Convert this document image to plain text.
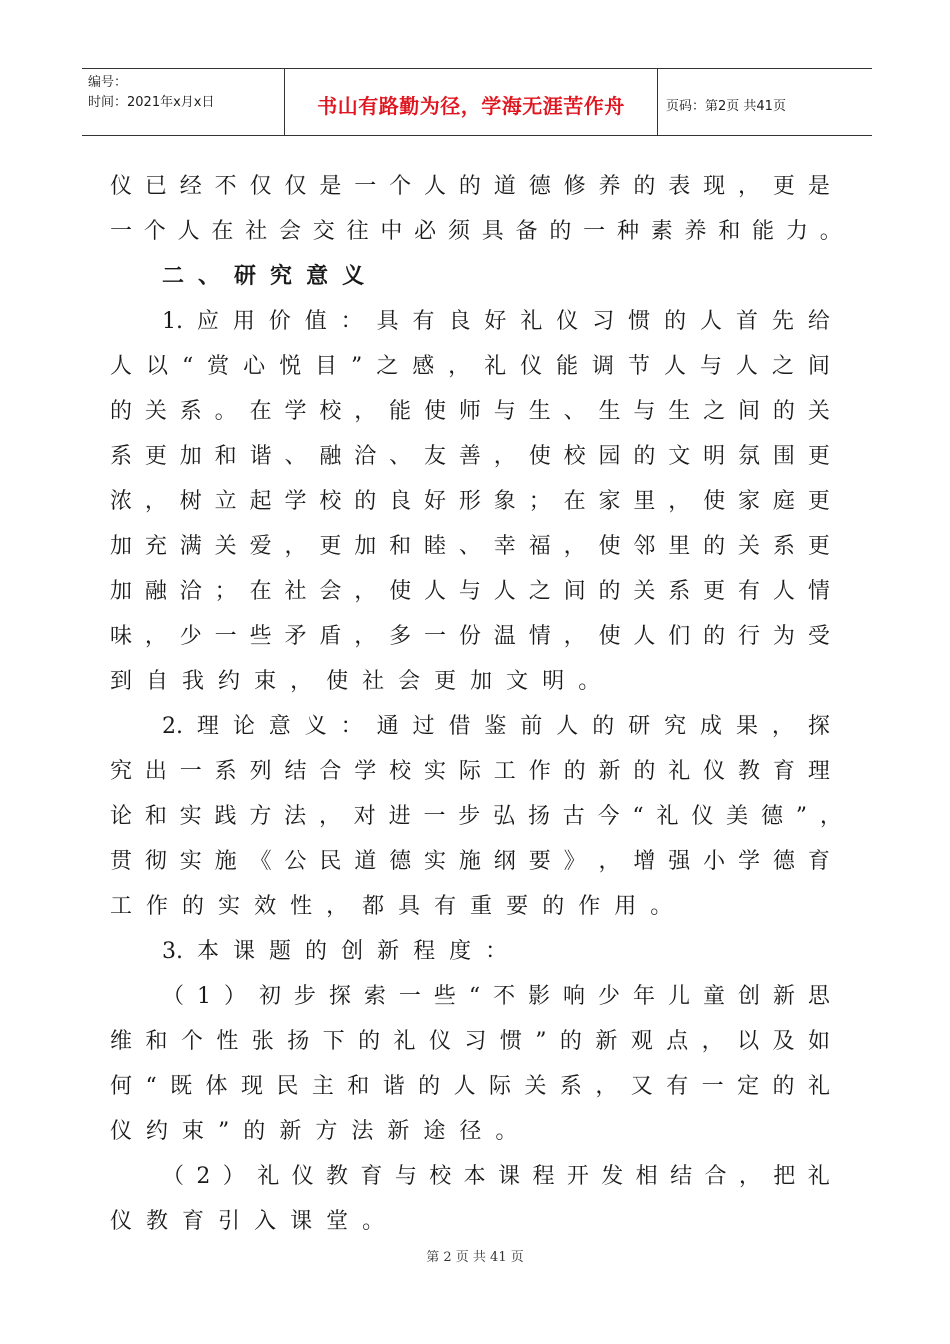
编号：
时间：2021年x月x日	书山有路勤为径，学海无涯苦作舟	页码：第2页 共41页
仪 已 经 不 仅 仅 是 一 个 人 的 道 德 修 养 的 表 现 ， 更 是
一 个 人 在 社 会 交 往 中 必 须 具 备 的 一 种 素 养 和 能 力 。
二 、 研 究 意 义
1. 应 用 价 值 ： 具 有 良 好 礼 仪 习 惯 的 人 首 先 给
人 以 “ 赏 心 悦 目 ” 之 感 ， 礼 仪 能 调 节 人 与 人 之 间
的 关 系 。 在 学 校 ， 能 使 师 与 生 、 生 与 生 之 间 的 关
系 更 加 和 谐 、 融 洽 、 友 善 ， 使 校 园 的 文 明 氛 围 更
浓 ， 树 立 起 学 校 的 良 好 形 象 ； 在 家 里 ， 使 家 庭 更
加 充 满 关 爱 ， 更 加 和 睦 、 幸 福 ， 使 邻 里 的 关 系 更
加 融 洽 ； 在 社 会 ， 使 人 与 人 之 间 的 关 系 更 有 人 情
味 ， 少 一 些 矛 盾 ， 多 一 份 温 情 ， 使 人 们 的 行 为 受
到 自 我 约 束 ， 使 社 会 更 加 文 明 。
2. 理 论 意 义 ： 通 过 借 鉴 前 人 的 研 究 成 果 ， 探
究 出 一 系 列 结 合 学 校 实 际 工 作 的 新 的 礼 仪 教 育 理
论 和 实 践 方 法 ， 对 进 一 步 弘 扬 古 今 “ 礼 仪 美 德 ” ，
贯 彻 实 施 《 公 民 道 德 实 施 纲 要 》 ， 增 强 小 学 德 育
工 作 的 实 效 性 ， 都 具 有 重 要 的 作 用 。
3. 本 课 题 的 创 新 程 度 ：
（ 1 ） 初 步 探 索 一 些 “ 不 影 响 少 年 儿 童 创 新 思
维 和 个 性 张 扬 下 的 礼 仪 习 惯 ” 的 新 观 点 ， 以 及 如
何 “ 既 体 现 民 主 和 谐 的 人 际 关 系 ， 又 有 一 定 的 礼
仪 约 束 ” 的 新 方 法 新 途 径 。
（ 2 ） 礼 仪 教 育 与 校 本 课 程 开 发 相 结 合 ， 把 礼
仪 教 育 引 入 课 堂 。
第 2 页 共 41 页
